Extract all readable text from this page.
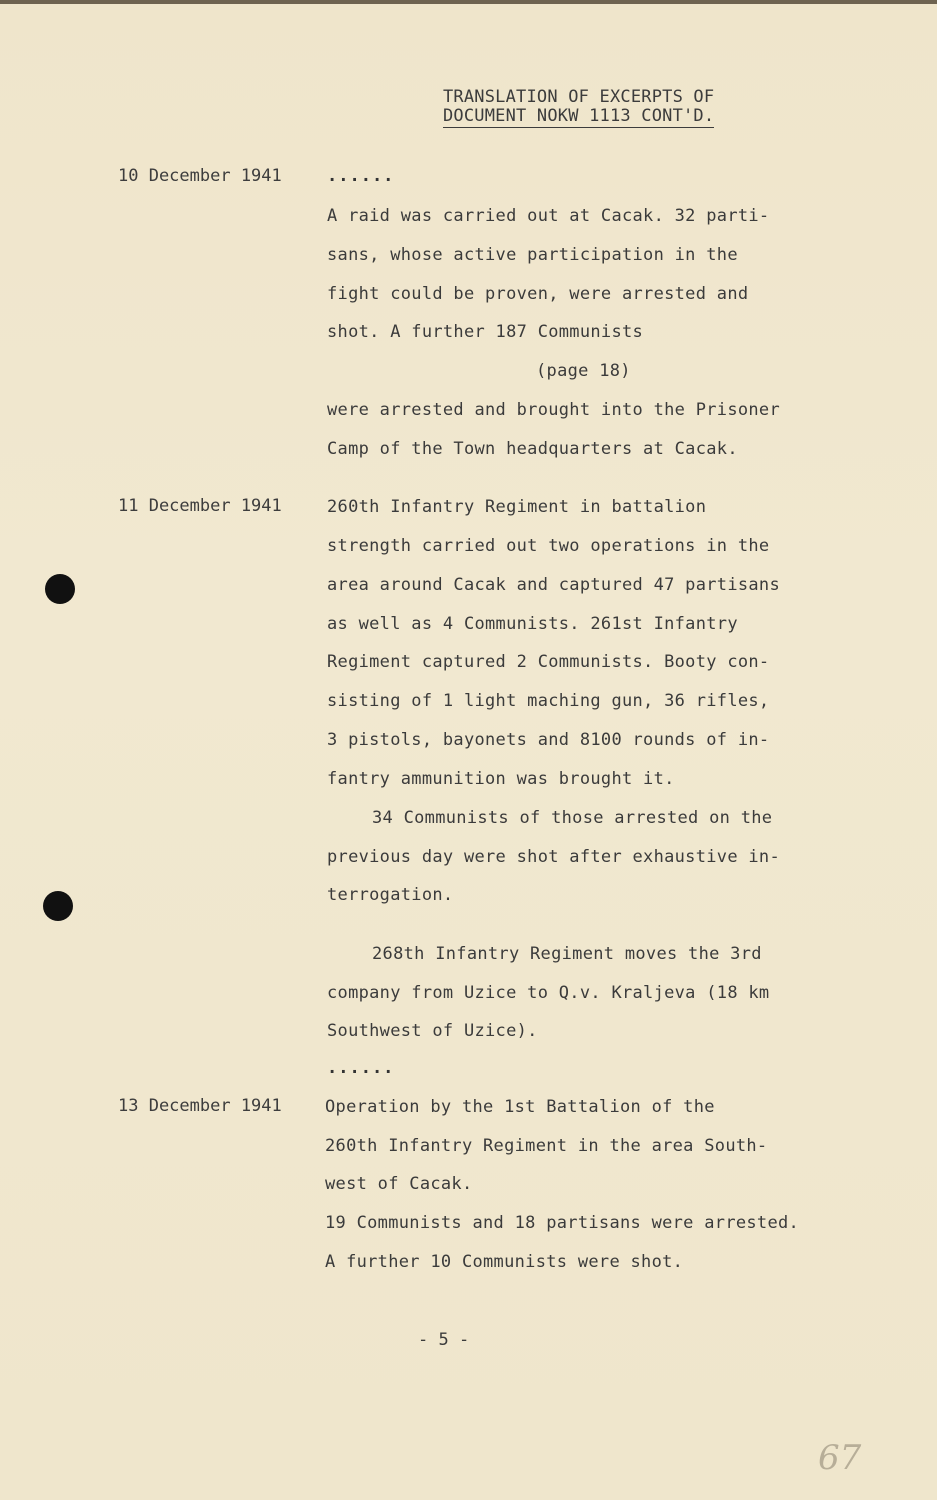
TRANSLATION OF EXCERPTS OF
DOCUMENT NOKW 1113 CONT'D.
10 December 1941	......
A raid was carried out at Cacak. 32 parti-
sans, whose active participation in the
fight could be proven, were arrested and
shot. A further 187 Communists
(page 18)
were arrested and brought into the Prisoner
Camp of the Town headquarters at Cacak.
11 December 1941	260th Infantry Regiment in battalion
strength carried out two operations in the
area around Cacak and captured 47 partisans
as well as 4 Communists. 261st Infantry
Regiment captured 2 Communists. Booty con-
sisting of 1 light maching gun, 36 rifles,
3 pistols, bayonets and 8100 rounds of in-
fantry ammunition was brought it.
34 Communists of those arrested on the
previous day were shot after exhaustive in-
terrogation.
268th Infantry Regiment moves the 3rd
company from Uzice to Q.v. Kraljeva (18 km
Southwest of Uzice).
......
13 December 1941	Operation by the 1st Battalion of the
260th Infantry Regiment in the area South-
west of Cacak.
19 Communists and 18 partisans were arrested.
A further 10 Communists were shot.
- 5 -
67
